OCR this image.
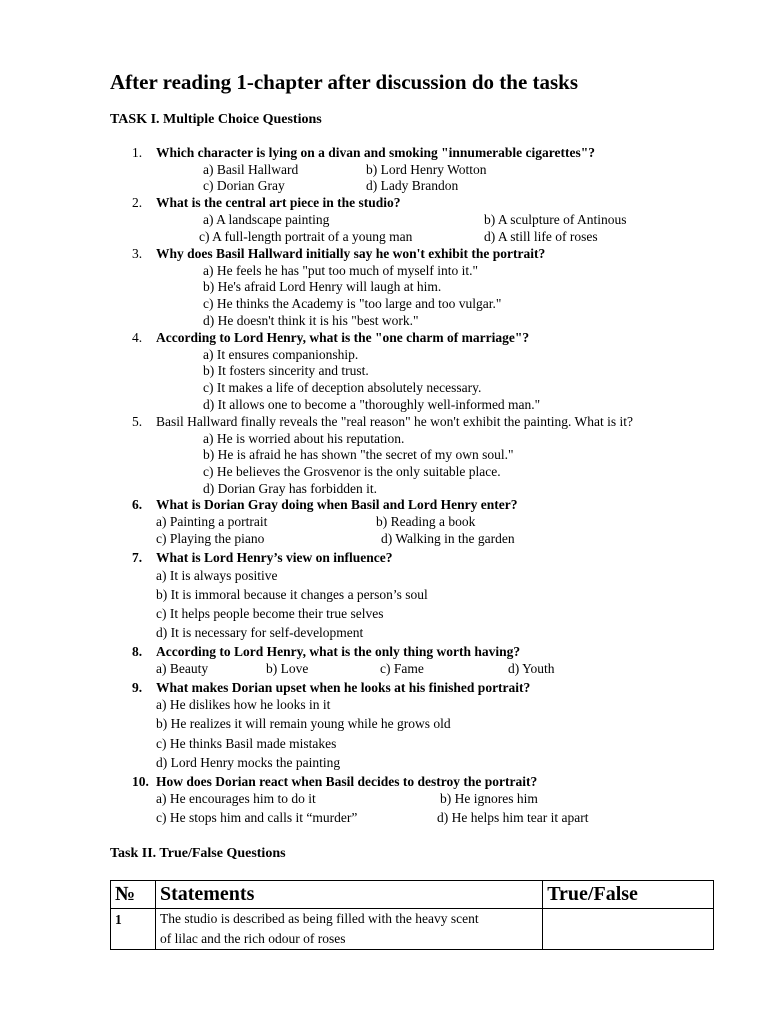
After reading 1-chapter after discussion do the tasks
TASK I. Multiple Choice Questions
1. Which character is lying on a divan and smoking "innumerable cigarettes"?
a) Basil Hallward	b) Lord Henry Wotton
c) Dorian Gray	d) Lady Brandon
2. What is the central art piece in the studio?
a) A landscape painting	b) A sculpture of Antinous
c) A full-length portrait of a young man	d) A still life of roses
3. Why does Basil Hallward initially say he won't exhibit the portrait?
a) He feels he has "put too much of myself into it."
b) He's afraid Lord Henry will laugh at him.
c) He thinks the Academy is "too large and too vulgar."
d) He doesn't think it is his "best work."
4. According to Lord Henry, what is the "one charm of marriage"?
a) It ensures companionship.
b) It fosters sincerity and trust.
c) It makes a life of deception absolutely necessary.
d) It allows one to become a "thoroughly well-informed man."
5. Basil Hallward finally reveals the "real reason" he won't exhibit the painting. What is it?
a) He is worried about his reputation.
b) He is afraid he has shown "the secret of my own soul."
c) He believes the Grosvenor is the only suitable place.
d) Dorian Gray has forbidden it.
6. What is Dorian Gray doing when Basil and Lord Henry enter?
a) Painting a portrait	b) Reading a book
c) Playing the piano	d) Walking in the garden
7. What is Lord Henry’s view on influence?
a) It is always positive
b) It is immoral because it changes a person’s soul
c) It helps people become their true selves
d) It is necessary for self-development
8. According to Lord Henry, what is the only thing worth having?
a) Beauty	b) Love	c) Fame	d) Youth
9. What makes Dorian upset when he looks at his finished portrait?
a) He dislikes how he looks in it
b) He realizes it will remain young while he grows old
c) He thinks Basil made mistakes
d) Lord Henry mocks the painting
10. How does Dorian react when Basil decides to destroy the portrait?
a) He encourages him to do it	b) He ignores him
c) He stops him and calls it “murder”	d) He helps him tear it apart
Task II. True/False Questions
№	Statements	True/False
1	The studio is described as being filled with the heavy scent
of lilac and the rich odour of roses	
